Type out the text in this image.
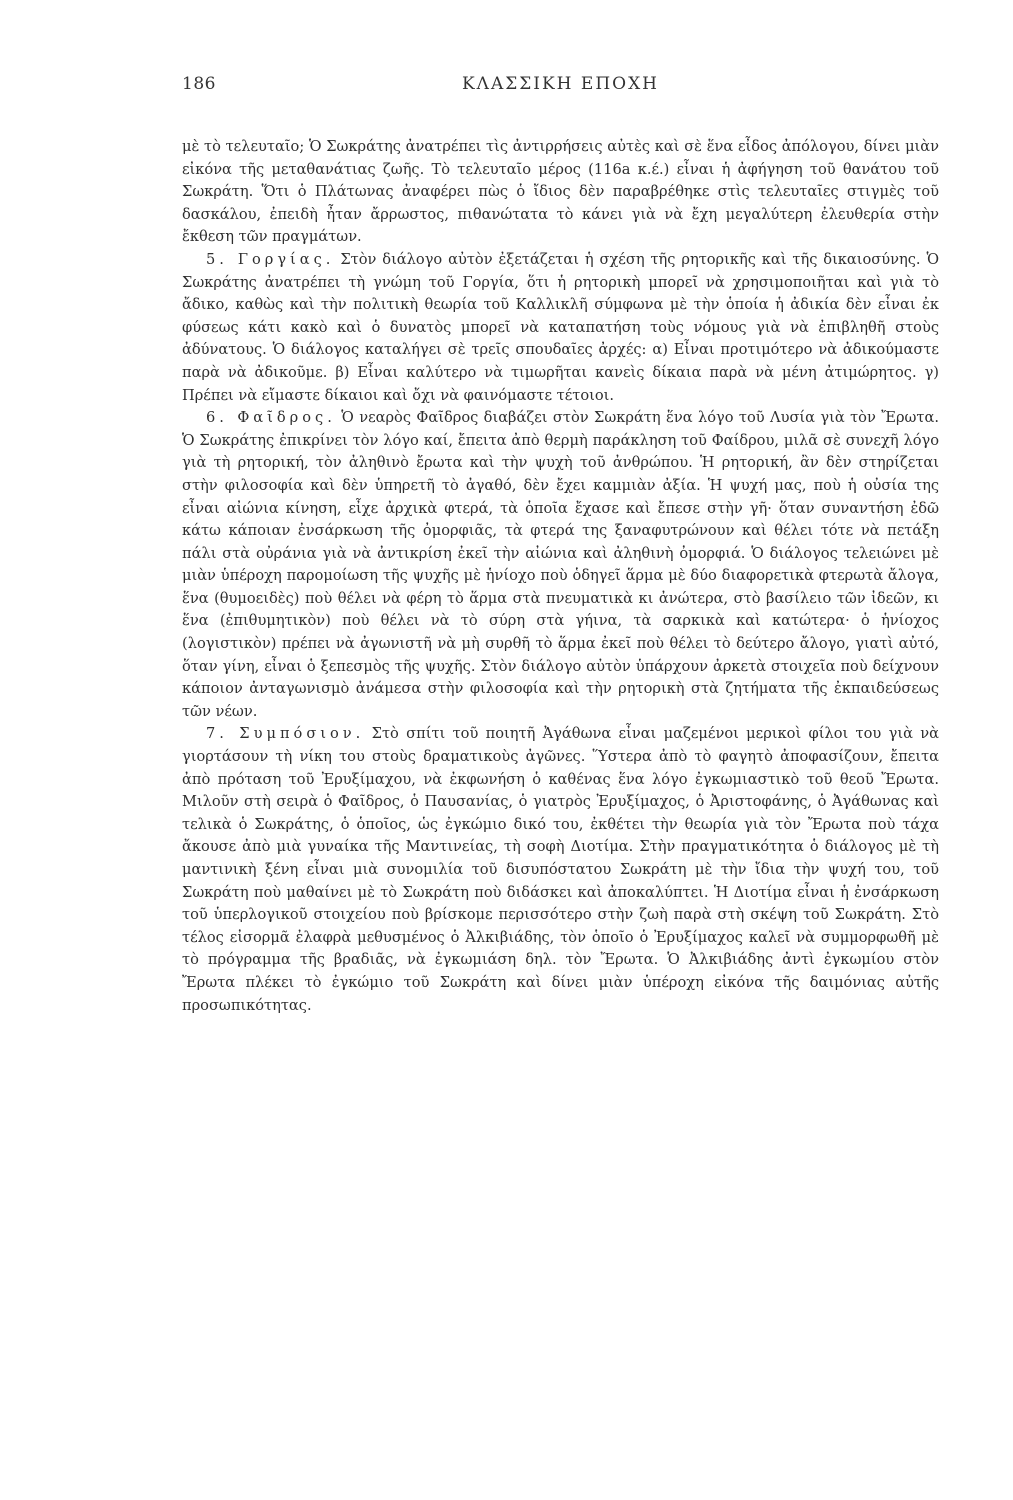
186	ΚΛΑΣΣΙΚΗ ΕΠΟΧΗ

μὲ τὸ τελευταῖο; Ὁ Σωκράτης ἀνατρέπει τὶς ἀντιρρήσεις αὐτὲς καὶ σὲ ἕνα εἶδος ἀπόλογου, δίνει μιὰν εἰκόνα τῆς μεταθανάτιας ζωῆς. Τὸ τελευταῖο μέρος (116a κ.έ.) εἶναι ἡ ἀφήγηση τοῦ θανάτου τοῦ Σωκράτη. Ὅτι ὁ Πλάτωνας ἀναφέρει πὼς ὁ ἴδιος δὲν παραβρέθηκε στὶς τελευταῖες στιγμὲς τοῦ δασκάλου, ἐπειδὴ ἦταν ἄρρωστος, πιθανώτατα τὸ κάνει γιὰ νὰ ἔχη μεγαλύτερη ἐλευθερία στὴν ἔκθεση τῶν πραγμάτων.

5. Γοργίας. Στὸν διάλογο αὐτὸν ἐξετάζεται ἡ σχέση τῆς ρητορικῆς καὶ τῆς δικαιοσύνης. Ὁ Σωκράτης ἀνατρέπει τὴ γνώμη τοῦ Γοργία, ὅτι ἡ ρητορικὴ μπορεῖ νὰ χρησιμοποιῆται καὶ γιὰ τὸ ἄδικο, καθὼς καὶ τὴν πολιτικὴ θεωρία τοῦ Καλλικλῆ σύμφωνα μὲ τὴν ὁποία ἡ ἀδικία δὲν εἶναι ἐκ φύσεως κάτι κακὸ καὶ ὁ δυνατὸς μπορεῖ νὰ καταπατήση τοὺς νόμους γιὰ νὰ ἐπιβληθῆ στοὺς ἀδύνατους. Ὁ διάλογος καταλήγει σὲ τρεῖς σπουδαῖες ἀρχές: α) Εἶναι προτιμότερο νὰ ἀδικούμαστε παρὰ νὰ ἀδικοῦμε. β) Εἶναι καλύτερο νὰ τιμωρῆται κανεὶς δίκαια παρὰ νὰ μένη ἀτιμώρητος. γ) Πρέπει νὰ εἴμαστε δίκαιοι καὶ ὄχι νὰ φαινόμαστε τέτοιοι.

6. Φαῖδρος. Ὁ νεαρὸς Φαῖδρος διαβάζει στὸν Σωκράτη ἕνα λόγο τοῦ Λυσία γιὰ τὸν Ἔρωτα. Ὁ Σωκράτης ἐπικρίνει τὸν λόγο καί, ἔπειτα ἀπὸ θερμὴ παράκληση τοῦ Φαίδρου, μιλᾶ σὲ συνεχῆ λόγο γιὰ τὴ ρητορική, τὸν ἀληθινὸ ἔρωτα καὶ τὴν ψυχὴ τοῦ ἀνθρώπου. Ἡ ρητορική, ἂν δὲν στηρίζεται στὴν φιλοσοφία καὶ δὲν ὑπηρετῆ τὸ ἀγαθό, δὲν ἔχει καμμιὰν ἀξία. Ἡ ψυχή μας, ποὺ ἡ οὐσία της εἶναι αἰώνια κίνηση, εἶχε ἀρχικὰ φτερά, τὰ ὁποῖα ἔχασε καὶ ἔπεσε στὴν γῆ· ὅταν συναντήση ἐδῶ κάτω κάποιαν ἐνσάρκωση τῆς ὀμορφιᾶς, τὰ φτερά της ξαναφυτρώνουν καὶ θέλει τότε νὰ πετάξη πάλι στὰ οὐράνια γιὰ νὰ ἀντικρίση ἐκεῖ τὴν αἰώνια καὶ ἀληθινὴ ὀμορφιά. Ὁ διάλογος τελειώνει μὲ μιὰν ὑπέροχη παρομοίωση τῆς ψυχῆς μὲ ἡνίοχο ποὺ ὁδηγεῖ ἅρμα μὲ δύο διαφορετικὰ φτερωτὰ ἄλογα, ἕνα (θυμοειδὲς) ποὺ θέλει νὰ φέρη τὸ ἅρμα στὰ πνευματικὰ κι ἀνώτερα, στὸ βασίλειο τῶν ἰδεῶν, κι ἕνα (ἐπιθυμητικὸν) ποὺ θέλει νὰ τὸ σύρη στὰ γήινα, τὰ σαρκικὰ καὶ κατώτερα· ὁ ἡνίοχος (λογιστικὸν) πρέπει νὰ ἀγωνιστῆ νὰ μὴ συρθῆ τὸ ἅρμα ἐκεῖ ποὺ θέλει τὸ δεύτερο ἄλογο, γιατὶ αὐτό, ὅταν γίνη, εἶναι ὁ ξεπεσμὸς τῆς ψυχῆς. Στὸν διάλογο αὐτὸν ὑπάρχουν ἀρκετὰ στοιχεῖα ποὺ δείχνουν κάποιον ἀνταγωνισμὸ ἀνάμεσα στὴν φιλοσοφία καὶ τὴν ρητορικὴ στὰ ζητήματα τῆς ἐκπαιδεύσεως τῶν νέων.

7. Συμπόσιον. Στὸ σπίτι τοῦ ποιητῆ Ἀγάθωνα εἶναι μαζεμένοι μερικοὶ φίλοι του γιὰ νὰ γιορτάσουν τὴ νίκη του στοὺς δραματικοὺς ἀγῶνες. Ὕστερα ἀπὸ τὸ φαγητὸ ἀποφασίζουν, ἔπειτα ἀπὸ πρόταση τοῦ Ἐρυξίμαχου, νὰ ἐκφωνήση ὁ καθένας ἕνα λόγο ἐγκωμιαστικὸ τοῦ θεοῦ Ἔρωτα. Μιλοῦν στὴ σειρὰ ὁ Φαῖδρος, ὁ Παυσανίας, ὁ γιατρὸς Ἐρυξίμαχος, ὁ Ἀριστοφάνης, ὁ Ἀγάθωνας καὶ τελικὰ ὁ Σωκράτης, ὁ ὁποῖος, ὡς ἐγκώμιο δικό του, ἐκθέτει τὴν θεωρία γιὰ τὸν Ἔρωτα ποὺ τάχα ἄκουσε ἀπὸ μιὰ γυναίκα τῆς Μαντινείας, τὴ σοφὴ Διοτίμα. Στὴν πραγματικότητα ὁ διάλογος μὲ τὴ μαντινικὴ ξένη εἶναι μιὰ συνομιλία τοῦ δισυπόστατου Σωκράτη μὲ τὴν ἴδια τὴν ψυχή του, τοῦ Σωκράτη ποὺ μαθαίνει μὲ τὸ Σωκράτη ποὺ διδάσκει καὶ ἀποκαλύπτει. Ἡ Διοτίμα εἶναι ἡ ἐνσάρκωση τοῦ ὑπερλογικοῦ στοιχείου ποὺ βρίσκομε περισσότερο στὴν ζωὴ παρὰ στὴ σκέψη τοῦ Σωκράτη. Στὸ τέλος εἰσορμᾶ ἐλαφρὰ μεθυσμένος ὁ Ἀλκιβιάδης, τὸν ὁποῖο ὁ Ἐρυξίμαχος καλεῖ νὰ συμμορφωθῆ μὲ τὸ πρόγραμμα τῆς βραδιᾶς, νὰ ἐγκωμιάση δηλ. τὸν Ἔρωτα. Ὁ Ἀλκιβιάδης ἀντὶ ἐγκωμίου στὸν Ἔρωτα πλέκει τὸ ἐγκώμιο τοῦ Σωκράτη καὶ δίνει μιὰν ὑπέροχη εἰκόνα τῆς δαιμόνιας αὐτῆς προσωπικότητας.
